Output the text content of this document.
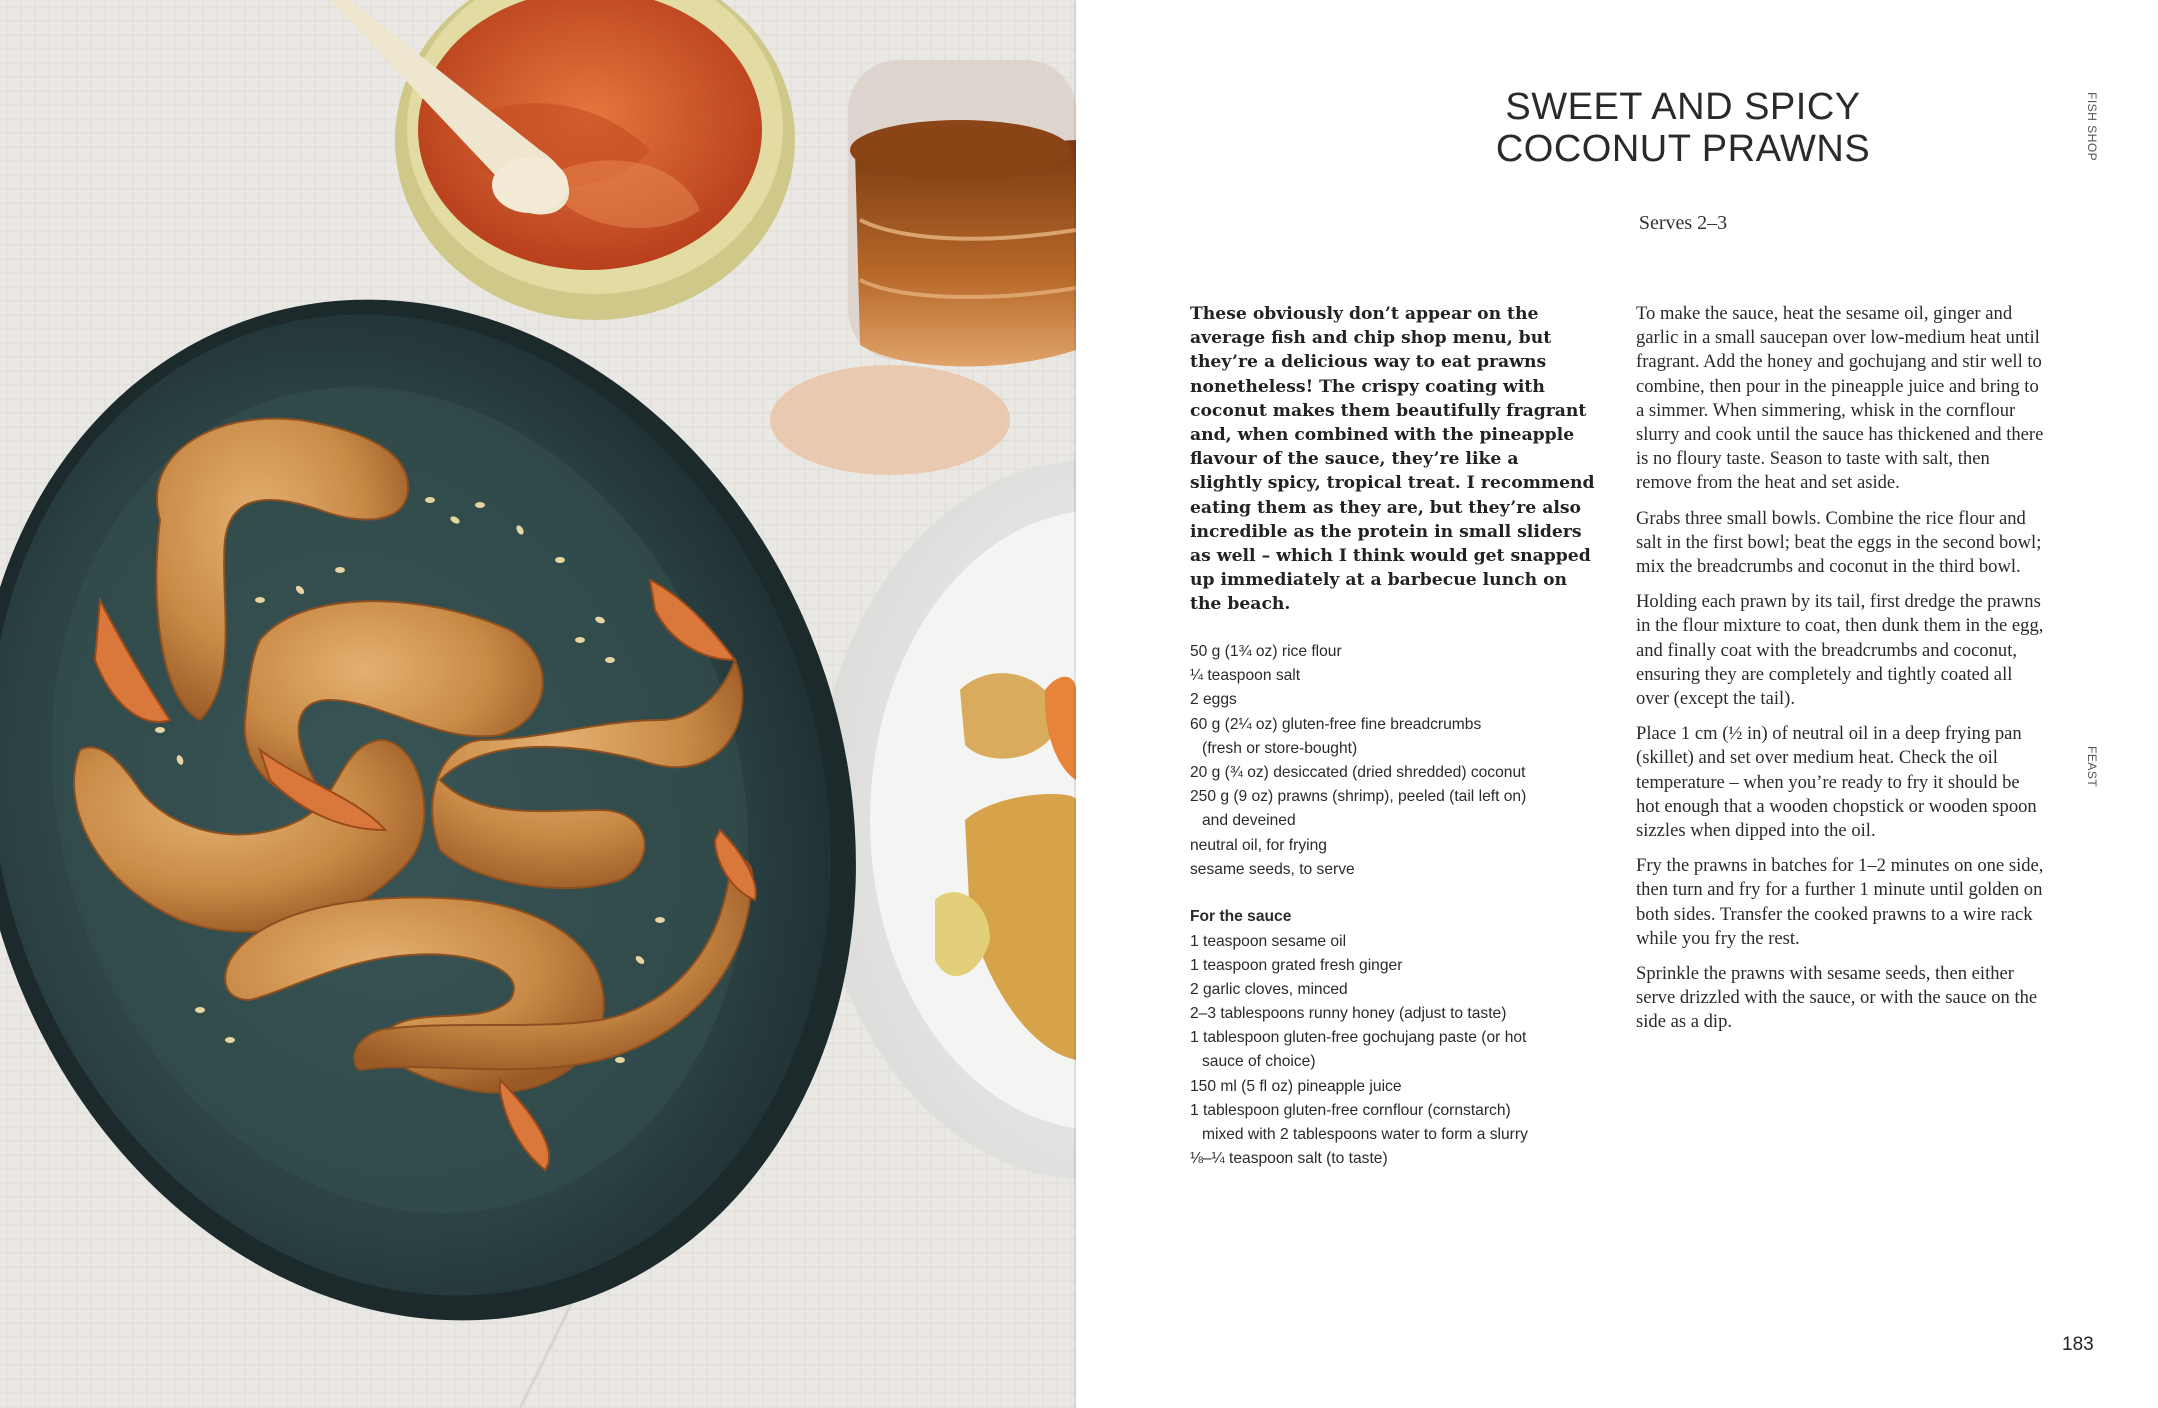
SWEET AND SPICY
COCONUT PRAWNS

Serves 2–3

These obviously don’t appear on the average fish and chip shop menu, but they’re a delicious way to eat prawns nonetheless! The crispy coating with coconut makes them beautifully fragrant and, when combined with the pineapple flavour of the sauce, they’re like a slightly spicy, tropical treat. I recommend eating them as they are, but they’re also incredible as the protein in small sliders as well – which I think would get snapped up immediately at a barbecue lunch on the beach.

50 g (1¾ oz) rice flour
¼ teaspoon salt
2 eggs
60 g (2¼ oz) gluten-free fine breadcrumbs
(fresh or store-bought)
20 g (¾ oz) desiccated (dried shredded) coconut
250 g (9 oz) prawns (shrimp), peeled (tail left on)
and deveined
neutral oil, for frying
sesame seeds, to serve

For the sauce

1 teaspoon sesame oil
1 teaspoon grated fresh ginger
2 garlic cloves, minced
2–3 tablespoons runny honey (adjust to taste)
1 tablespoon gluten-free gochujang paste (or hot
sauce of choice)
150 ml (5 fl oz) pineapple juice
1 tablespoon gluten-free cornflour (cornstarch)
mixed with 2 tablespoons water to form a slurry
⅛–¼ teaspoon salt (to taste)

To make the sauce, heat the sesame oil, ginger and garlic in a small saucepan over low-medium heat until fragrant. Add the honey and gochujang and stir well to combine, then pour in the pineapple juice and bring to a simmer. When simmering, whisk in the cornflour slurry and cook until the sauce has thickened and there is no floury taste. Season to taste with salt, then remove from the heat and set aside.

Grabs three small bowls. Combine the rice flour and salt in the first bowl; beat the eggs in the second bowl; mix the breadcrumbs and coconut in the third bowl.

Holding each prawn by its tail, first dredge the prawns in the flour mixture to coat, then dunk them in the egg, and finally coat with the breadcrumbs and coconut, ensuring they are completely and tightly coated all over (except the tail).

Place 1 cm (½ in) of neutral oil in a deep frying pan (skillet) and set over medium heat. Check the oil temperature – when you’re ready to fry it should be hot enough that a wooden chopstick or wooden spoon sizzles when dipped into the oil.

Fry the prawns in batches for 1–2 minutes on one side, then turn and fry for a further 1 minute until golden on both sides. Transfer the cooked prawns to a wire rack while you fry the rest.

Sprinkle the prawns with sesame seeds, then either serve drizzled with the sauce, or with the sauce on the side as a dip.

FISH SHOP
FEAST

183
